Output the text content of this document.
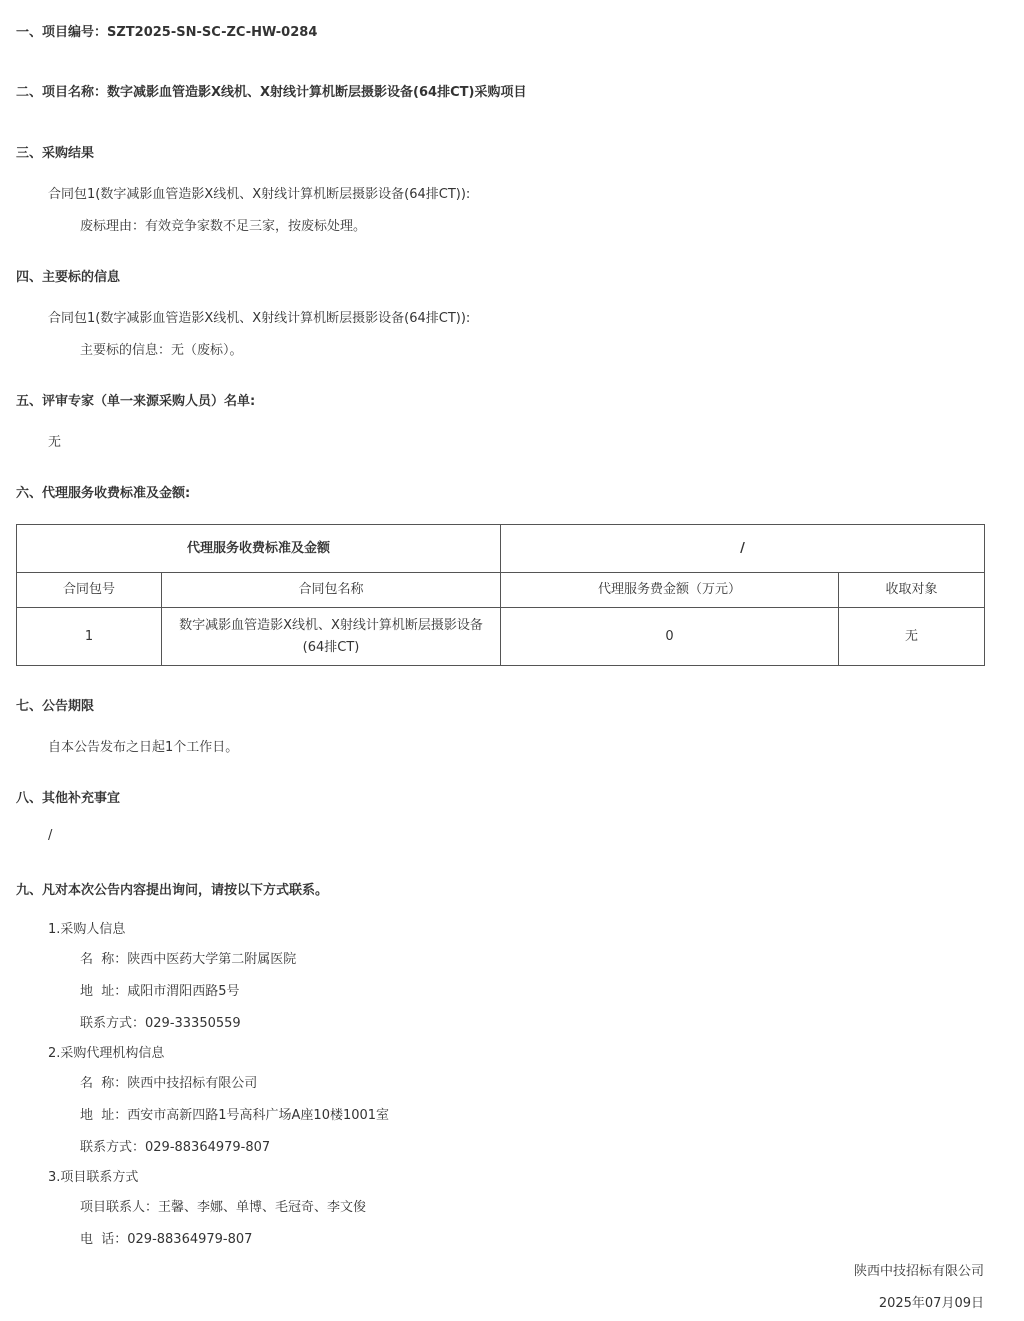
一、项目编号：SZT2025-SN-SC-ZC-HW-0284
二、项目名称：数字减影血管造影X线机、X射线计算机断层摄影设备(64排CT)采购项目
三、采购结果
合同包1(数字减影血管造影X线机、X射线计算机断层摄影设备(64排CT)):
废标理由：有效竞争家数不足三家，按废标处理。
四、主要标的信息
合同包1(数字减影血管造影X线机、X射线计算机断层摄影设备(64排CT)):
主要标的信息：无（废标）。
五、评审专家（单一来源采购人员）名单:
无
六、代理服务收费标准及金额:
代理服务收费标准及金额		/	
合同包号	合同包名称	代理服务费金额（万元）	收取对象
1	数字减影血管造影X线机、X射线计算机断层摄影设备(64排CT)	0	无
七、公告期限
自本公告发布之日起1个工作日。
八、其他补充事宜
/
九、凡对本次公告内容提出询问，请按以下方式联系。
1.采购人信息
名  称：陕西中医药大学第二附属医院
地  址：咸阳市渭阳西路5号
联系方式：029-33350559
2.采购代理机构信息
名  称：陕西中技招标有限公司
地  址：西安市高新四路1号高科广场A座10楼1001室
联系方式：029-88364979-807
3.项目联系方式
项目联系人：王馨、李娜、单博、毛冠奇、李文俊
电  话：029-88364979-807
陕西中技招标有限公司
2025年07月09日
